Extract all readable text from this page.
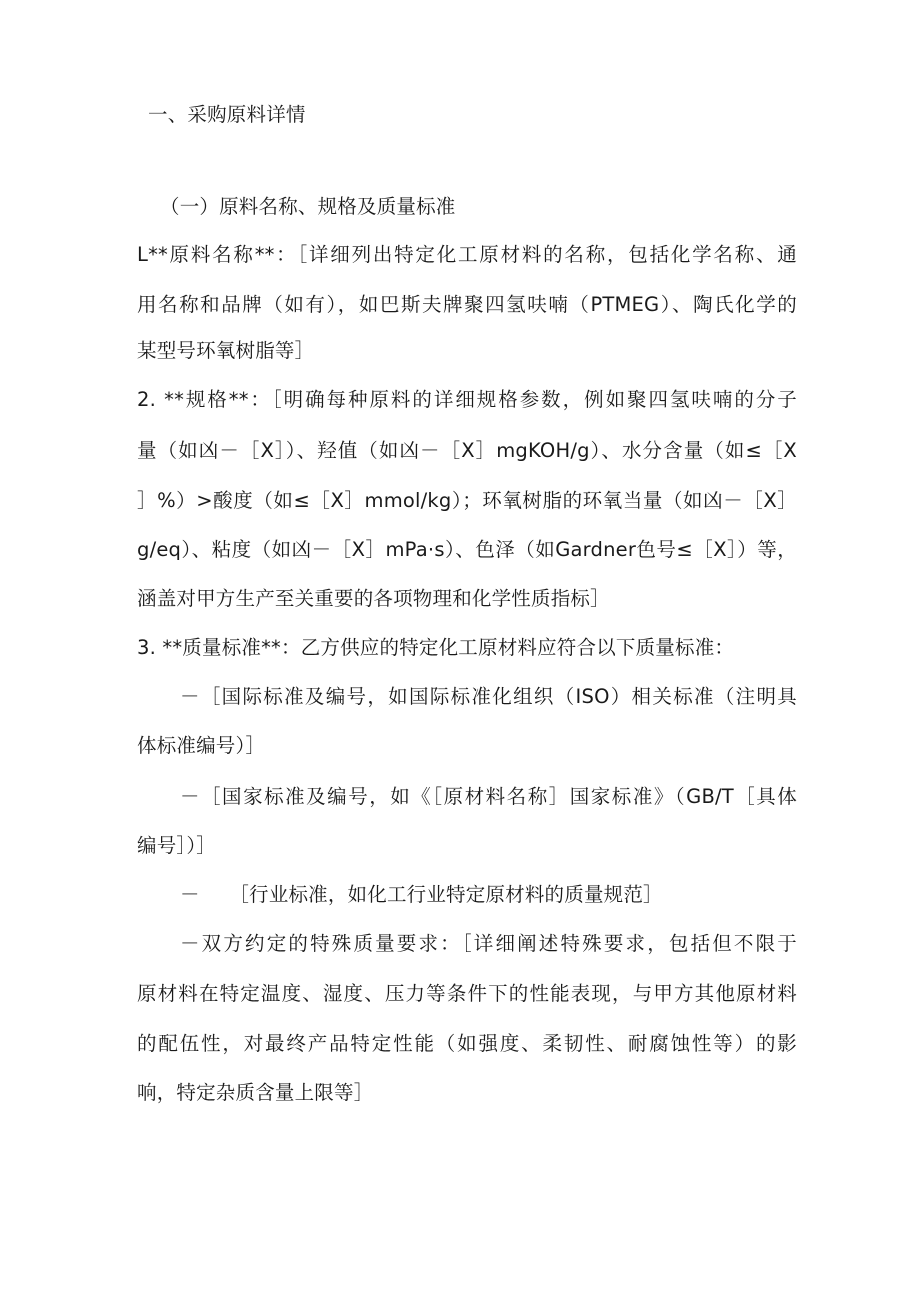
一、采购原料详情
（一）原料名称、规格及质量标准
L**原料名称**：［详细列出特定化工原材料的名称，包括化学名称、通
用名称和品牌（如有），如巴斯夫牌聚四氢呋喃（PTMEG）、陶氏化学的
某型号环氧树脂等］
2. **规格**：［明确每种原料的详细规格参数，例如聚四氢呋喃的分子
量（如凶－［X］）、羟值（如凶－［X］mgKOH/g）、水分含量（如≤［X
］%）>酸度（如≤［X］mmol/kg）；环氧树脂的环氧当量（如凶－［X］
g/eq）、粘度（如凶－［X］mPa·s）、色泽（如Gardner色号≤［X］）等，
涵盖对甲方生产至关重要的各项物理和化学性质指标］
3. **质量标准**：乙方供应的特定化工原材料应符合以下质量标准：
－［国际标准及编号，如国际标准化组织（ISO）相关标准（注明具
体标准编号）］
－［国家标准及编号，如《［原材料名称］国家标准》（GB/T［具体
编号］）］
－　　［行业标准，如化工行业特定原材料的质量规范］
－双方约定的特殊质量要求：［详细阐述特殊要求，包括但不限于
原材料在特定温度、湿度、压力等条件下的性能表现，与甲方其他原材料
的配伍性，对最终产品特定性能（如强度、柔韧性、耐腐蚀性等）的影
响，特定杂质含量上限等］
